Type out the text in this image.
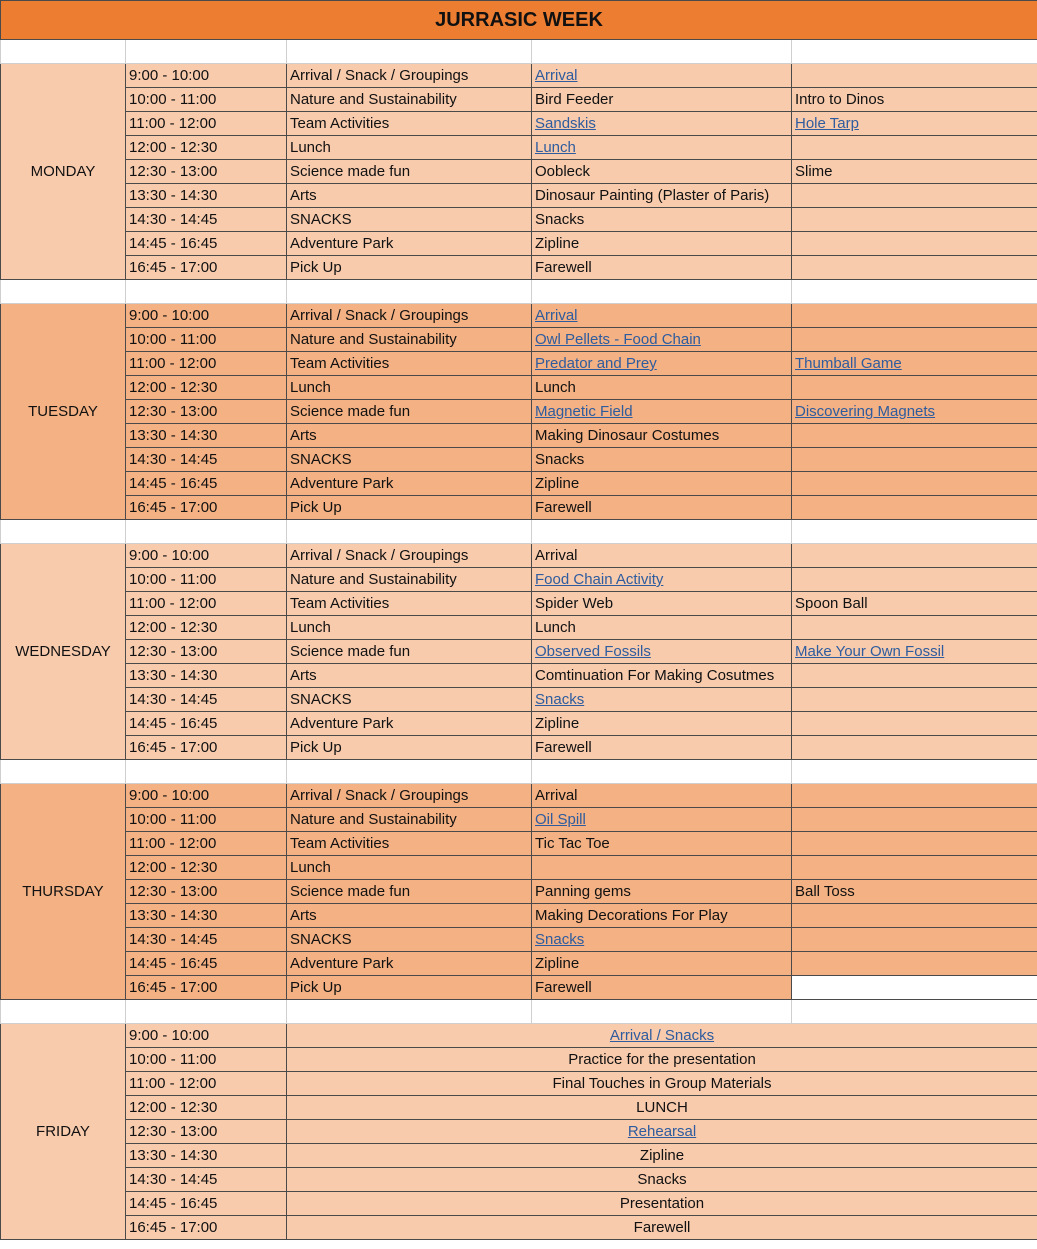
JURRASIC WEEK				

MONDAY	9:00 - 10:00	Arrival / Snack / Groupings	Arrival	
	10:00 - 11:00	Nature and Sustainability	Bird Feeder	Intro to Dinos
	11:00 - 12:00	Team Activities	Sandskis	Hole Tarp
	12:00 - 12:30	Lunch	Lunch	
	12:30 - 13:00	Science made fun	Oobleck	Slime
	13:30 - 14:30	Arts	Dinosaur Painting (Plaster of Paris)	
	14:30 - 14:45	SNACKS	Snacks	
	14:45 - 16:45	Adventure Park	Zipline	
	16:45 - 17:00	Pick Up	Farewell	

TUESDAY	9:00 - 10:00	Arrival / Snack / Groupings	Arrival	
	10:00 - 11:00	Nature and Sustainability	Owl Pellets - Food Chain	
	11:00 - 12:00	Team Activities	Predator and Prey	Thumball Game
	12:00 - 12:30	Lunch	Lunch	
	12:30 - 13:00	Science made fun	Magnetic Field	Discovering Magnets
	13:30 - 14:30	Arts	Making Dinosaur Costumes	
	14:30 - 14:45	SNACKS	Snacks	
	14:45 - 16:45	Adventure Park	Zipline	
	16:45 - 17:00	Pick Up	Farewell	

WEDNESDAY	9:00 - 10:00	Arrival / Snack / Groupings	Arrival	
	10:00 - 11:00	Nature and Sustainability	Food Chain Activity	
	11:00 - 12:00	Team Activities	Spider Web	Spoon Ball
	12:00 - 12:30	Lunch	Lunch	
	12:30 - 13:00	Science made fun	Observed Fossils	Make Your Own Fossil
	13:30 - 14:30	Arts	Comtinuation For Making Cosutmes	
	14:30 - 14:45	SNACKS	Snacks	
	14:45 - 16:45	Adventure Park	Zipline	
	16:45 - 17:00	Pick Up	Farewell	

THURSDAY	9:00 - 10:00	Arrival / Snack / Groupings	Arrival	
	10:00 - 11:00	Nature and Sustainability	Oil Spill	
	11:00 - 12:00	Team Activities	Tic Tac Toe	
	12:00 - 12:30	Lunch		
	12:30 - 13:00	Science made fun	Panning gems	Ball Toss
	13:30 - 14:30	Arts	Making Decorations For Play	
	14:30 - 14:45	SNACKS	Snacks	
	14:45 - 16:45	Adventure Park	Zipline	
	16:45 - 17:00	Pick Up	Farewell	

FRIDAY	9:00 - 10:00	Arrival / Snacks		
	10:00 - 11:00	Practice for the presentation		
	11:00 - 12:00	Final Touches in Group Materials		
	12:00 - 12:30	LUNCH		
	12:30 - 13:00	Rehearsal		
	13:30 - 14:30	Zipline		
	14:30 - 14:45	Snacks		
	14:45 - 16:45	Presentation		
	16:45 - 17:00	Farewell		
